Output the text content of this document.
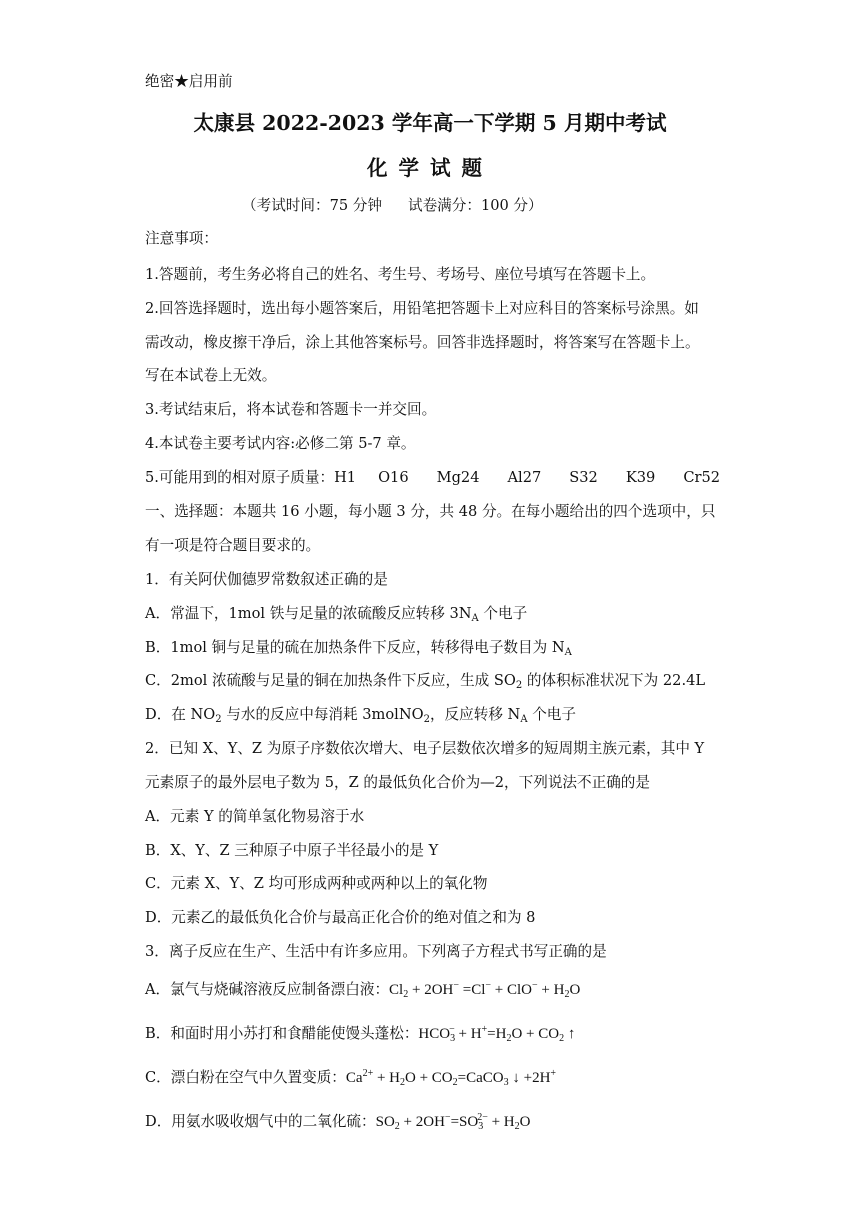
绝密★启用前
太康县 2022-2023 学年高一下学期 5 月期中考试
化学试题
（考试时间：75 分钟 试卷满分：100 分）
注意事项：
1.答题前，考生务必将自己的姓名、考生号、考场号、座位号填写在答题卡上。
2.回答选择题时，选出每小题答案后，用铅笔把答题卡上对应科目的答案标号涂黑。如
需改动，橡皮擦干净后，涂上其他答案标号。回答非选择题时，将答案写在答题卡上。
写在本试卷上无效。
3.考试结束后，将本试卷和答题卡一并交回。
4.本试卷主要考试内容:必修二第 5-7 章。
5.可能用到的相对原子质量：H1 O16 Mg24 Al27 S32 K39 Cr52
一、选择题：本题共 16 小题，每小题 3 分，共 48 分。在每小题给出的四个选项中，只
有一项是符合题目要求的。
1．有关阿伏伽德罗常数叙述正确的是
A．常温下，1mol 铁与足量的浓硫酸反应转移 $3N_A$ 个电子
B．1mol 铜与足量的硫在加热条件下反应，转移得电子数目为 $N_A$
C．2mol 浓硫酸与足量的铜在加热条件下反应，生成 $SO_2$ 的体积标准状况下为 22.4L
D．在 $NO_2$ 与水的反应中每消耗 3molNO$_2$，反应转移 $N_A$ 个电子
2．已知 X、Y、Z 为原子序数依次增大、电子层数依次增多的短周期主族元素，其中 Y
元素原子的最外层电子数为 5，Z 的最低负化合价为—2，下列说法不正确的是
A．元素 Y 的简单氢化物易溶于水
B．X、Y、Z 三种原子中原子半径最小的是 Y
C．元素 X、Y、Z 均可形成两种或两种以上的氧化物
D．元素乙的最低负化合价与最高正化合价的绝对值之和为 8
3．离子反应在生产、生活中有许多应用。下列离子方程式书写正确的是
A．氯气与烧碱溶液反应制备漂白液：$Cl_2 + 2OH^- =Cl^- + ClO^- + H_2O$
B．和面时用小苏打和食醋能使馒头蓬松：$HCO_3^- + H^+=H_2O + CO_2$ ↑
C．漂白粉在空气中久置变质：$Ca^{2+} + H_2O$ + $CO_2=CaCO_3$ ↓ +2H+
D．用氨水吸收烟气中的二氧化硫：$SO_2 + 2OH^-=SO_3^{2-} + H_2O$
